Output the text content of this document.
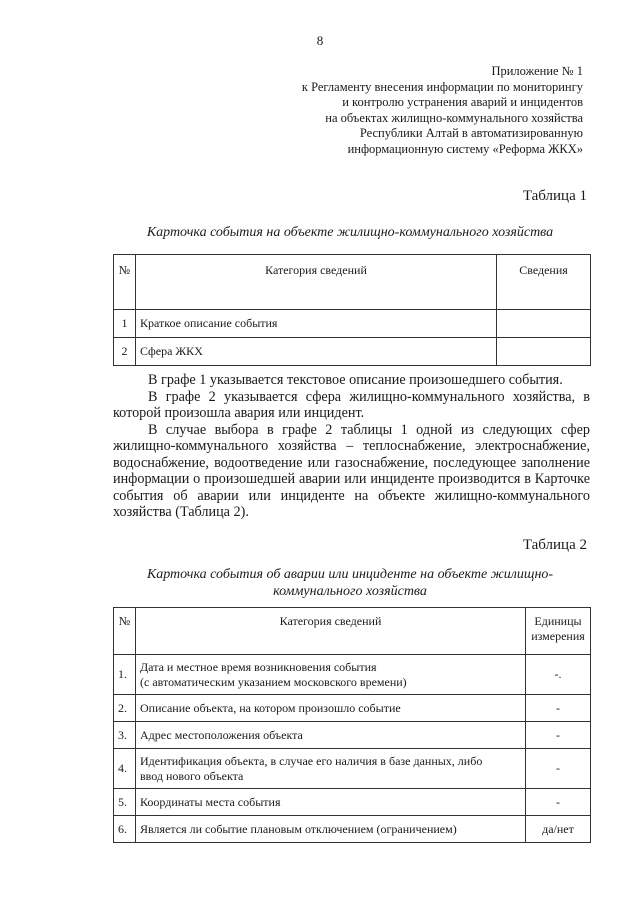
8
Приложение № 1
к Регламенту внесения информации по мониторингу
и контролю устранения аварий и инцидентов
на объектах жилищно-коммунального хозяйства
Республики Алтай в автоматизированную
информационную систему «Реформа ЖКХ»
Таблица 1
Карточка события на объекте жилищно-коммунального хозяйства
№	Категория сведений	Сведения
1	Краткое описание события	
2	Сфера ЖКХ	

В графе 1 указывается текстовое описание произошедшего события.

В графе 2 указывается сфера жилищно-коммунального хозяйства, в которой произошла авария или инцидент.

В случае выбора в графе 2 таблицы 1 одной из следующих сфер жилищно-коммунального хозяйства – теплоснабжение, электроснабжение, водоснабжение, водоотведение или газоснабжение, последующее заполнение информации о произошедшей аварии или инциденте производится в Карточке события об аварии или инциденте на объекте жилищно-коммунального хозяйства (Таблица 2).

Таблица 2
Карточка события об аварии или инциденте на объекте жилищно-
коммунального хозяйства
№	Категория сведений	Единицы измерения
1.	Дата и местное время возникновения события
(с автоматическим указанием московского времени)	-.
2.	Описание объекта, на котором произошло событие	-
3.	Адрес местоположения объекта	-
4.	Идентификация объекта, в случае его наличия в базе данных, либо
ввод нового объекта	-
5.	Координаты места события	-
6.	Является ли событие плановым отключением (ограничением)	да/нет
